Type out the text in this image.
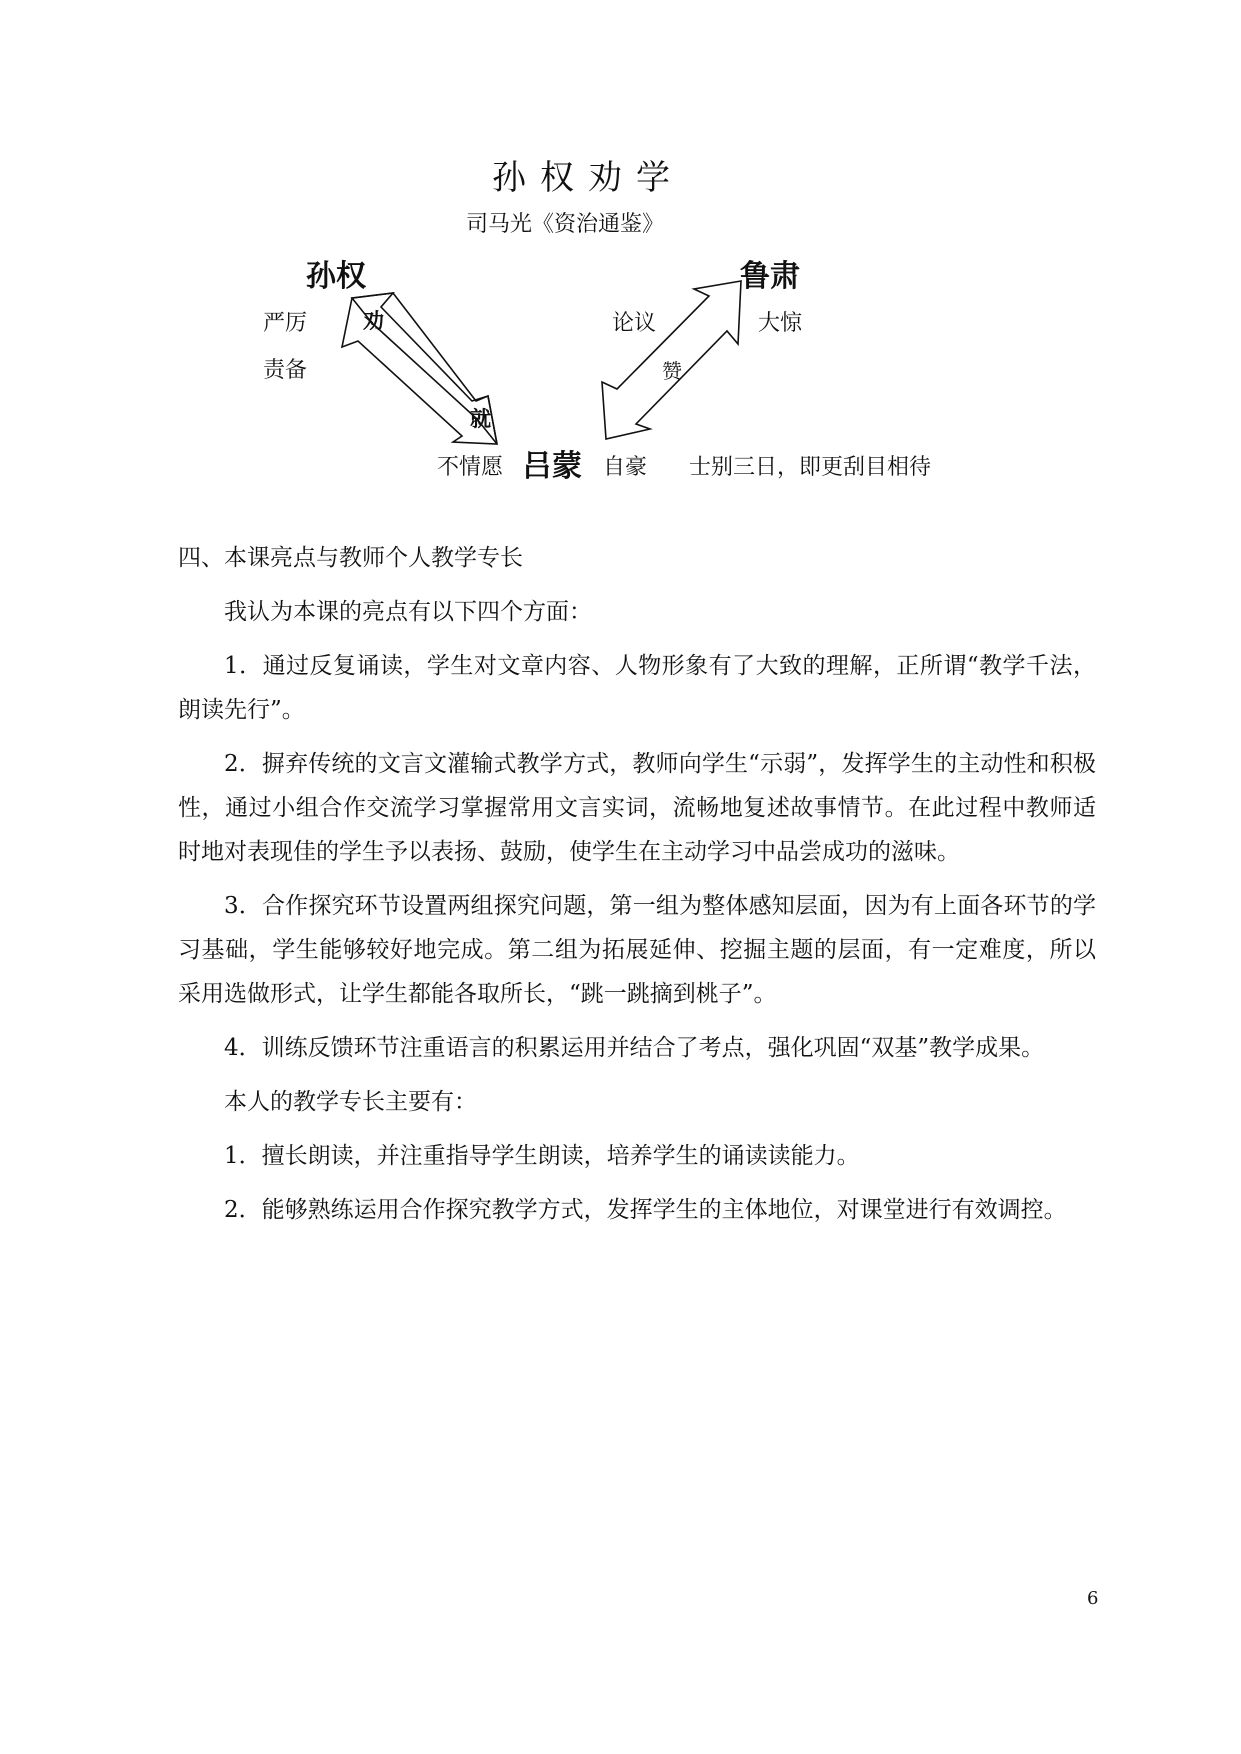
孙权劝学
司马光《资治通鉴》
孙权	鲁肃
吕蒙
劝
就
赞
严厉
责备
论议	大惊
不情愿	自豪 士别三日，即更刮目相待

四、本课亮点与教师个人教学专长

我认为本课的亮点有以下四个方面：

1．通过反复诵读，学生对文章内容、人物形象有了大致的理解，正所谓“教学千法，朗读先行”。

2．摒弃传统的文言文灌输式教学方式，教师向学生“示弱”，发挥学生的主动性和积极性，通过小组合作交流学习掌握常用文言实词，流畅地复述故事情节。在此过程中教师适时地对表现佳的学生予以表扬、鼓励，使学生在主动学习中品尝成功的滋味。

3．合作探究环节设置两组探究问题，第一组为整体感知层面，因为有上面各环节的学习基础，学生能够较好地完成。第二组为拓展延伸、挖掘主题的层面，有一定难度，所以采用选做形式，让学生都能各取所长，“跳一跳摘到桃子”。

4．训练反馈环节注重语言的积累运用并结合了考点，强化巩固“双基”教学成果。

本人的教学专长主要有：

1．擅长朗读，并注重指导学生朗读，培养学生的诵读读能力。

2．能够熟练运用合作探究教学方式，发挥学生的主体地位，对课堂进行有效调控。

6
